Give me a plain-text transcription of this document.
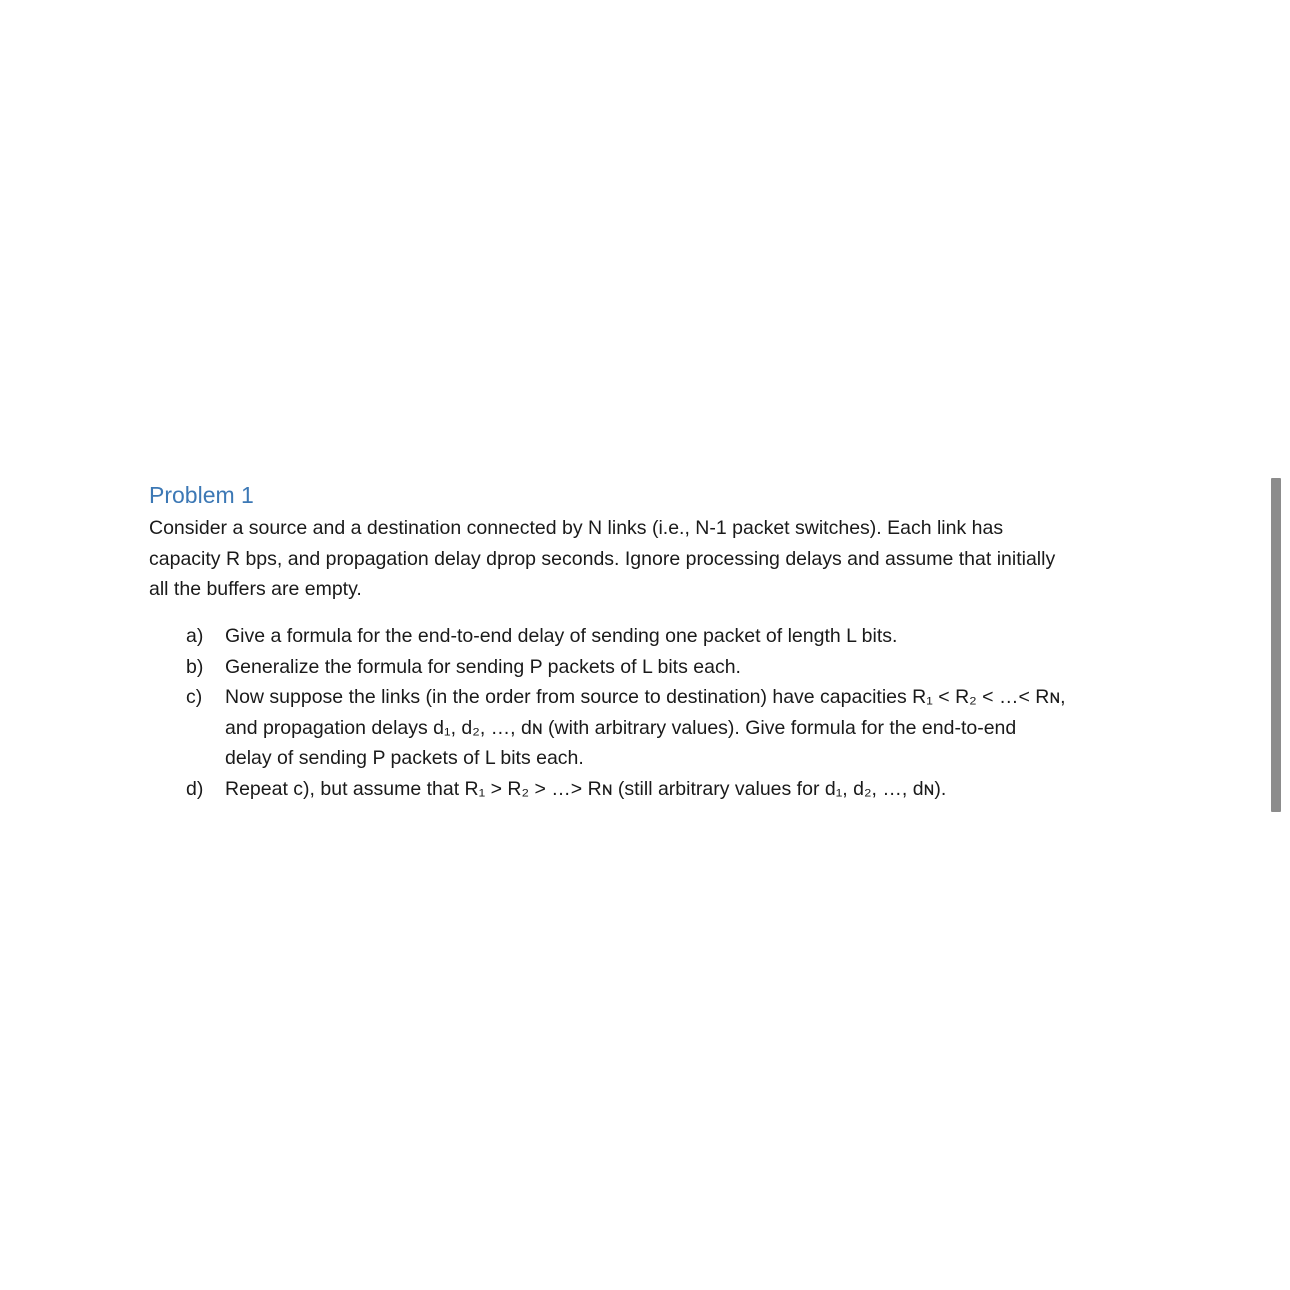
Problem 1
Consider a source and a destination connected by N links (i.e., N-1 packet switches). Each link has
capacity R bps, and propagation delay dprop seconds. Ignore processing delays and assume that initially
all the buffers are empty.
a) Give a formula for the end-to-end delay of sending one packet of length L bits.
b) Generalize the formula for sending P packets of L bits each.
c) Now suppose the links (in the order from source to destination) have capacities R₁ < R₂ < …< Rɴ,
and propagation delays d₁, d₂, …, dɴ (with arbitrary values). Give formula for the end-to-end
delay of sending P packets of L bits each.
d) Repeat c), but assume that R₁ > R₂ > …> Rɴ (still arbitrary values for d₁, d₂, …, dɴ).
